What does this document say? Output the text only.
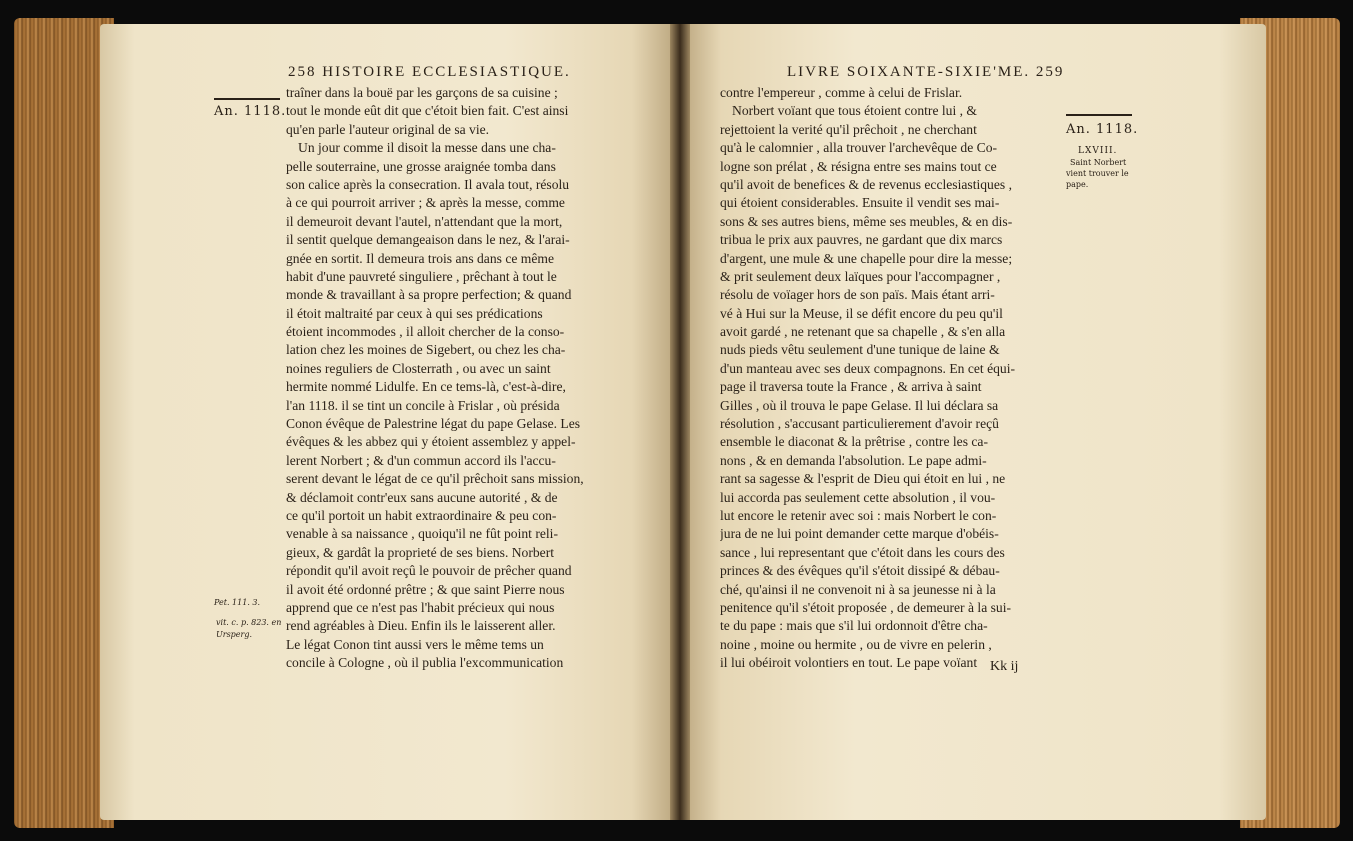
258 HISTOIRE ECCLESIASTIQUE.
An. 1118.
Pet. 111. 3.
vit. c. p. 823. en
Ursperg.
traîner dans la bouë par les garçons de sa cuisine ;
tout le monde eût dit que c'étoit bien fait. C'est ainsi
qu'en parle l'auteur original de sa vie.
Un jour comme il disoit la messe dans une cha-
pelle souterraine, une grosse araignée tomba dans
son calice après la consecration. Il avala tout, résolu
à ce qui pourroit arriver ; & après la messe, comme
il demeuroit devant l'autel, n'attendant que la mort,
il sentit quelque demangeaison dans le nez, & l'arai-
gnée en sortit. Il demeura trois ans dans ce même
habit d'une pauvreté singuliere , prêchant à tout le
monde & travaillant à sa propre perfection; & quand
il étoit maltraité par ceux à qui ses prédications
étoient incommodes , il alloit chercher de la conso-
lation chez les moines de Sigebert, ou chez les cha-
noines reguliers de Closterrath , ou avec un saint
hermite nommé Lidulfe. En ce tems-là, c'est-à-dire,
l'an 1118. il se tint un concile à Frislar , où présida
Conon évêque de Palestrine légat du pape Gelase. Les
évêques & les abbez qui y étoient assemblez y appel-
lerent Norbert ; & d'un commun accord ils l'accu-
serent devant le légat de ce qu'il prêchoit sans mission,
& déclamoit contr'eux sans aucune autorité , & de
ce qu'il portoit un habit extraordinaire & peu con-
venable à sa naissance , quoiqu'il ne fût point reli-
gieux, & gardât la proprieté de ses biens. Norbert
répondit qu'il avoit reçû le pouvoir de prêcher quand
il avoit été ordonné prêtre ; & que saint Pierre nous
apprend que ce n'est pas l'habit précieux qui nous
rend agréables à Dieu. Enfin ils le laisserent aller.
Le légat Conon tint aussi vers le même tems un
concile à Cologne , où il publia l'excommunication
LIVRE SOIXANTE-SIXIE'ME. 259
An. 1118.
LXVIII.
Saint Norbert
vient trouver le
pape.
contre l'empereur , comme à celui de Frislar.
Norbert voïant que tous étoient contre lui , &
rejettoient la verité qu'il prêchoit , ne cherchant
qu'à le calomnier , alla trouver l'archevêque de Co-
logne son prélat , & résigna entre ses mains tout ce
qu'il avoit de benefices & de revenus ecclesiastiques ,
qui étoient considerables. Ensuite il vendit ses mai-
sons & ses autres biens, même ses meubles, & en dis-
tribua le prix aux pauvres, ne gardant que dix marcs
d'argent, une mule & une chapelle pour dire la messe;
& prit seulement deux laïques pour l'accompagner ,
résolu de voïager hors de son païs. Mais étant arri-
vé à Hui sur la Meuse, il se défit encore du peu qu'il
avoit gardé , ne retenant que sa chapelle , & s'en alla
nuds pieds vêtu seulement d'une tunique de laine &
d'un manteau avec ses deux compagnons. En cet équi-
page il traversa toute la France , & arriva à saint
Gilles , où il trouva le pape Gelase. Il lui déclara sa
résolution , s'accusant particulierement d'avoir reçû
ensemble le diaconat & la prêtrise , contre les ca-
nons , & en demanda l'absolution. Le pape admi-
rant sa sagesse & l'esprit de Dieu qui étoit en lui , ne
lui accorda pas seulement cette absolution , il vou-
lut encore le retenir avec soi : mais Norbert le con-
jura de ne lui point demander cette marque d'obéis-
sance , lui representant que c'étoit dans les cours des
princes & des évêques qu'il s'étoit dissipé & débau-
ché, qu'ainsi il ne convenoit ni à sa jeunesse ni à la
penitence qu'il s'étoit proposée , de demeurer à la sui-
te du pape : mais que s'il lui ordonnoit d'être cha-
noine , moine ou hermite , ou de vivre en pelerin ,
il lui obéiroit volontiers en tout. Le pape voïant Kk ij
